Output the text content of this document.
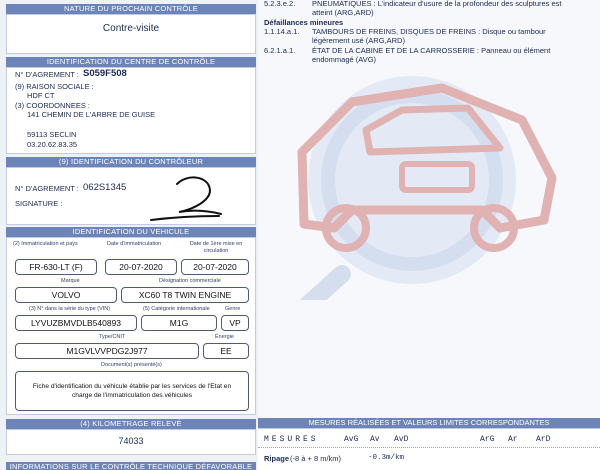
NATURE DU PROCHAIN CONTRÔLE
Contre-visite
IDENTIFICATION DU CENTRE DE CONTRÔLE
N° D'AGREMENT : S059F508
(9) RAISON SOCIALE :
HDF CT
(3) COORDONNEES :
141 CHEMIN DE L'ARBRE DE GUISE
59113 SECLIN
03.20.62.83.35
(9) IDENTIFICATION DU CONTRÔLEUR
N° D'AGREMENT : 062S1345
SIGNATURE :
IDENTIFICATION DU VEHICULE
(2) Immatriculation et pays	Date d'immatriculation	Date de 1ère mise en circulation
FR-630-LT (F)	20-07-2020	20-07-2020
Marque	Désignation commerciale
VOLVO	XC60 T8 TWIN ENGINE
(3) N° dans la série du type (VIN)	(5) Catégorie internationale	Genre
LYVUZBMVDLB540893	M1G	VP
Type/CNIT	Énergie
M1GVLVVPDG2J977	EE
Document(s) présenté(s)
Fiche d'identification du véhicule établie par les services de l'Etat en charge de l'immatriculation des véhicules
(4) KILOMETRAGE RELEVÉ
74033
INFORMATIONS SUR LE CONTRÔLE TECHNIQUE DÉFAVORABLE
5.2.3.e.2. PNEUMATIQUES : L'indicateur d'usure de la profondeur des sculptures est
atteint (ARG,ARD)
Défaillances mineures
1.1.14.a.1. TAMBOURS DE FREINS, DISQUES DE FREINS : Disque ou tambour
légèrement usé (ARG,ARD)
6.2.1.a.1. ÉTAT DE LA CABINE ET DE LA CARROSSERIE : Panneau ou élément
endommagé (AVG)
MESURES RÉALISÉES ET VALEURS LIMITES CORRESPONDANTES
MESURES	AvG Av AvD	ArG Ar ArD
Ripage (-8 à + 8 m/km)	-0.3m/km
